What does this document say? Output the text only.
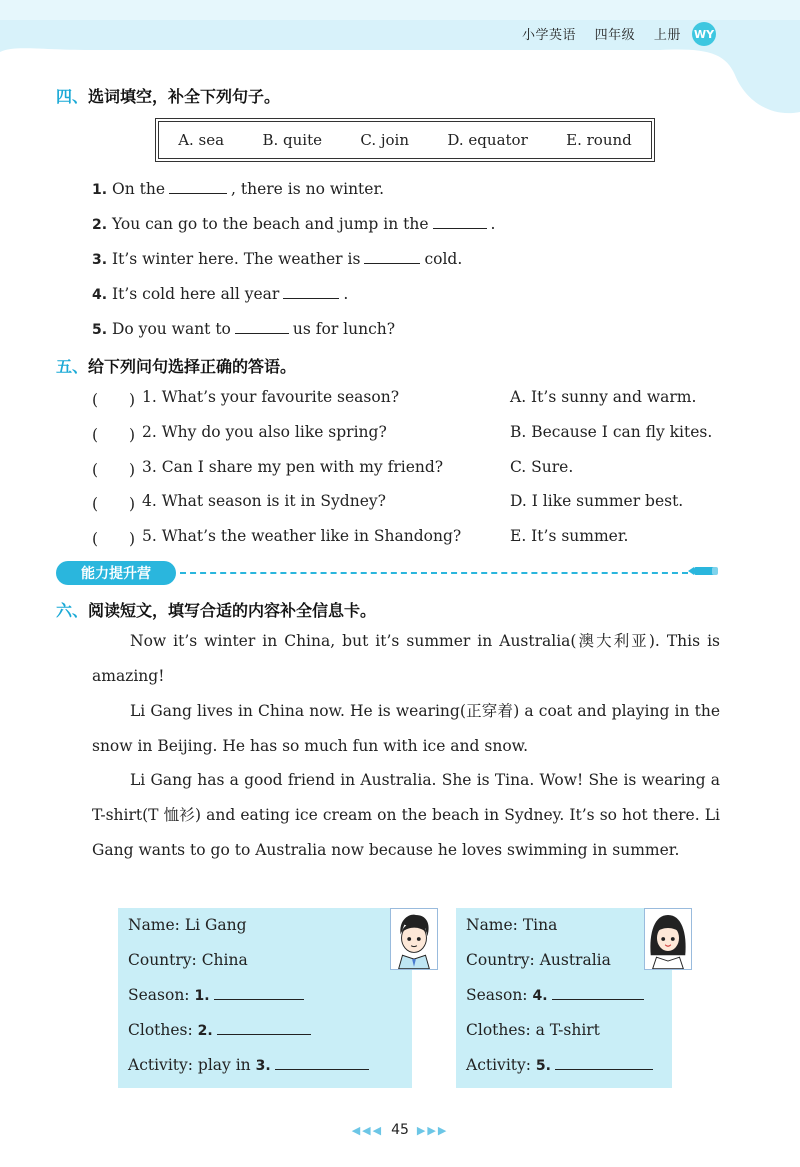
小学英语 四年级 上册	WY
四、选词填空，补全下列句子。
A. sea	B. quite	C. join	D. equator	E. round
1. On the	, there is no winter.
2. You can go to the beach and jump in the	.
3. It’s winter here. The weather is	cold.
4. It’s cold here all year	.
5. Do you want to	us for lunch?
五、给下列问句选择正确的答语。
(　　) 1. What’s your favourite season?	A. It’s sunny and warm.
(　　) 2. Why do you also like spring?	B. Because I can fly kites.
(　　) 3. Can I share my pen with my friend?	C. Sure.
(　　) 4. What season is it in Sydney?	D. I like summer best.
(　　) 5. What’s the weather like in Shandong?	E. It’s summer.
能力提升营
六、阅读短文，填写合适的内容补全信息卡。
Now it’s winter in China, but it’s summer in Australia(澳大利亚). This is amazing!
Li Gang lives in China now. He is wearing(正穿着) a coat and playing in the snow in Beijing. He has so much fun with ice and snow.
Li Gang has a good friend in Australia. She is Tina. Wow! She is wearing a T-shirt(T 恤衫) and eating ice cream on the beach in Sydney. It’s so hot there. Li Gang wants to go to Australia now because he loves swimming in summer.
Name: Li Gang
Country: China
Season: 1.
Clothes: 2.
Activity: play in 3.
Name: Tina
Country: Australia
Season: 4.
Clothes: a T-shirt
Activity: 5.
◀◀◀ 45 ▶▶▶
